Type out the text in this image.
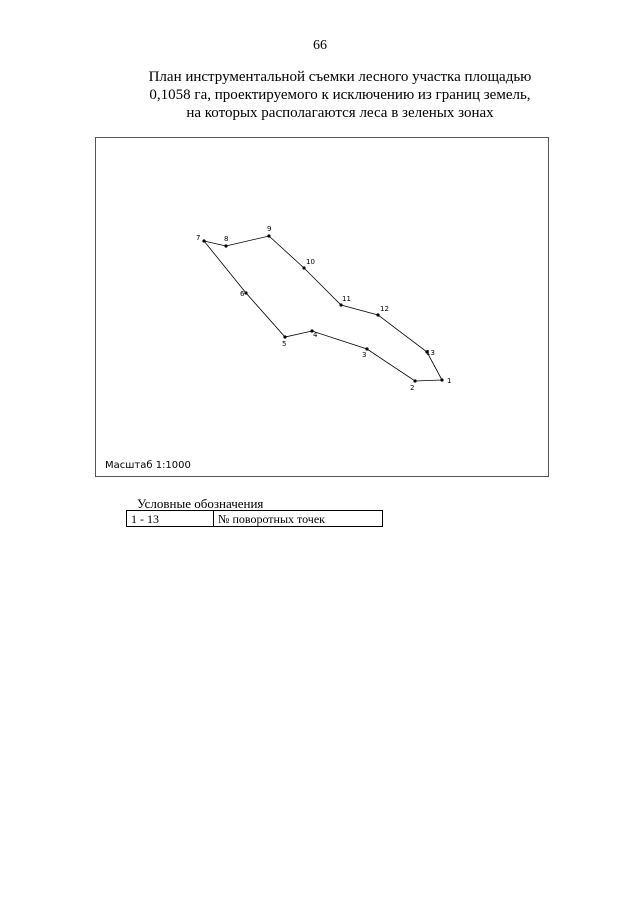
66
План инструментальной съемки лесного участка площадью
0,1058 га, проектируемого к исключению из границ земель,
на которых располагаются леса в зеленых зонах
1
2
3
4
5
6
7	8
9
10
11
12
13
Масштаб 1:1000
Условные обозначения
1 - 13	№ поворотных точек
